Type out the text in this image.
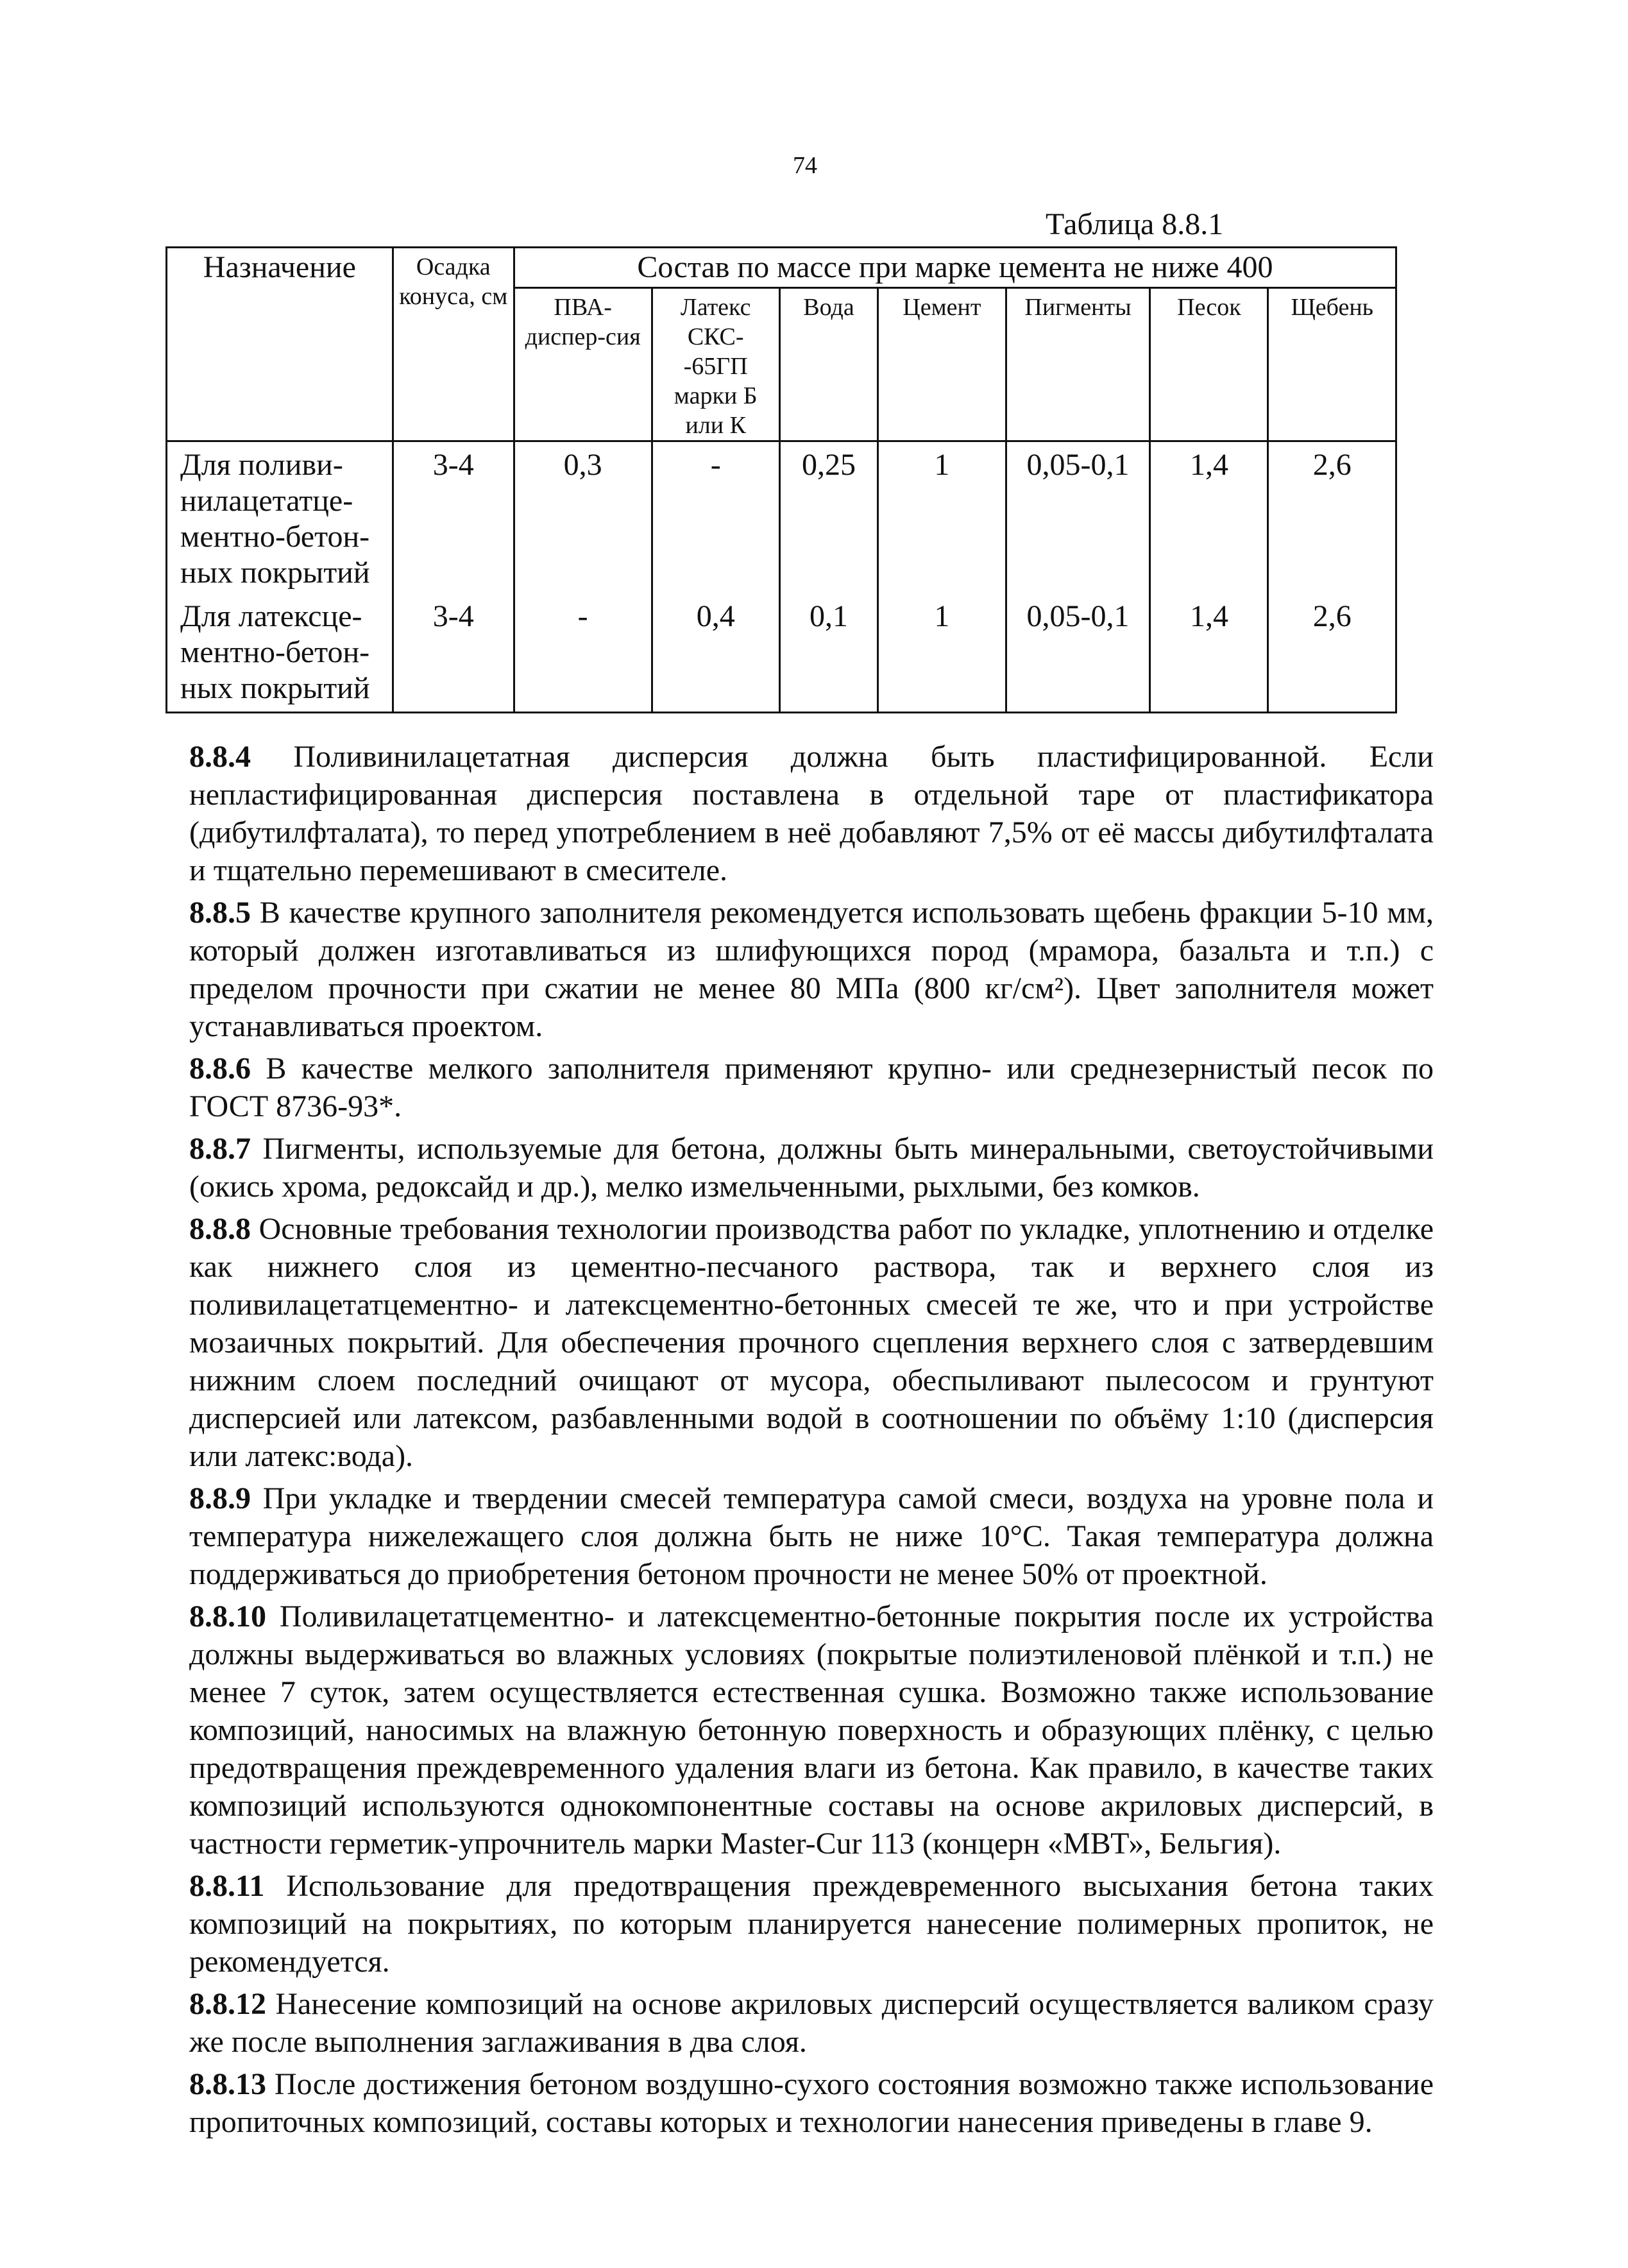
74
Таблица 8.8.1
Назначение	Осадка конуса, см	Состав по массе при марке цемента не ниже 400						
		ПВА-диспер-сия	Латекс СКС--65ГП марки Б или К	Вода	Цемент	Пигменты	Песок	Щебень
Для поливи-нилацетатце-ментно-бетон-ных покрытий	3-4	0,3	-	0,25	1	0,05-0,1	1,4	2,6
Для латексце-ментно-бетон-ных покрытий	3-4	-	0,4	0,1	1	0,05-0,1	1,4	2,6

8.8.4 Поливинилацетатная дисперсия должна быть пластифицированной. Если непластифицированная дисперсия поставлена в отдельной таре от пластификатора (дибутилфталата), то перед употреблением в неё добавляют 7,5% от её массы дибутилфталата и тщательно перемешивают в смесителе.

8.8.5 В качестве крупного заполнителя рекомендуется использовать щебень фракции 5-10 мм, который должен изготавливаться из шлифующихся пород (мрамора, базальта и т.п.) с пределом прочности при сжатии не менее 80 МПа (800 кг/см²). Цвет заполнителя может устанавливаться проектом.

8.8.6 В качестве мелкого заполнителя применяют крупно- или среднезернистый песок по ГОСТ 8736-93*.

8.8.7 Пигменты, используемые для бетона, должны быть минеральными, светоустойчивыми (окись хрома, редоксайд и др.), мелко измельченными, рыхлыми, без комков.

8.8.8 Основные требования технологии производства работ по укладке, уплотнению и отделке как нижнего слоя из цементно-песчаного раствора, так и верхнего слоя из поливилацетатцементно- и латексцементно-бетонных смесей те же, что и при устройстве мозаичных покрытий. Для обеспечения прочного сцепления верхнего слоя с затвердевшим нижним слоем последний очищают от мусора, обеспыливают пылесосом и грунтуют дисперсией или латексом, разбавленными водой в соотношении по объёму 1:10 (дисперсия или латекс:вода).

8.8.9 При укладке и твердении смесей температура самой смеси, воздуха на уровне пола и температура нижележащего слоя должна быть не ниже 10°С. Такая температура должна поддерживаться до приобретения бетоном прочности не менее 50% от проектной.

8.8.10 Поливилацетатцементно- и латексцементно-бетонные покрытия после их устройства должны выдерживаться во влажных условиях (покрытые полиэтиленовой плёнкой и т.п.) не менее 7 суток, затем осуществляется естественная сушка. Возможно также использование композиций, наносимых на влажную бетонную поверхность и образующих плёнку, с целью предотвращения преждевременного удаления влаги из бетона. Как правило, в качестве таких композиций используются однокомпонентные составы на основе акриловых дисперсий, в частности герметик-упрочнитель марки Master-Cur 113 (концерн «МВТ», Бельгия).

8.8.11 Использование для предотвращения преждевременного высыхания бетона таких композиций на покрытиях, по которым планируется нанесение полимерных пропиток, не рекомендуется.

8.8.12 Нанесение композиций на основе акриловых дисперсий осуществляется валиком сразу же после выполнения заглаживания в два слоя.

8.8.13 После достижения бетоном воздушно-сухого состояния возможно также использование пропиточных композиций, составы которых и технологии нанесения приведены в главе 9.
